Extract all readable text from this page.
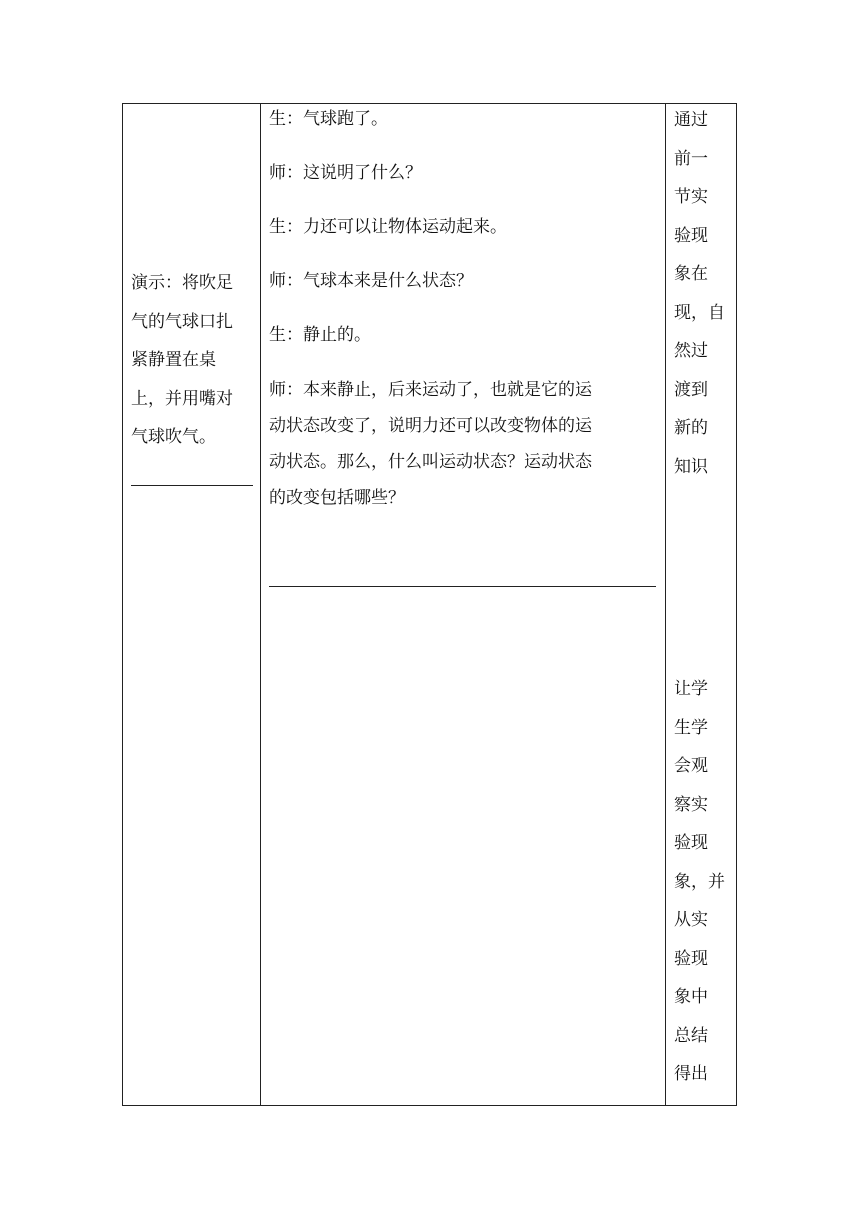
演示：将吹足
气的气球口扎
紧静置在桌
上，并用嘴对
气球吹气。
生：气球跑了。
师：这说明了什么？
生：力还可以让物体运动起来。
师：气球本来是什么状态？
生：静止的。
师：本来静止，后来运动了，也就是它的运
动状态改变了，说明力还可以改变物体的运
动状态。那么，什么叫运动状态？运动状态
的改变包括哪些？
通过
前一
节实
验现
象在
现，自
然过
渡到
新的
知识
让学
生学
会观
察实
验现
象，并
从实
验现
象中
总结
得出
